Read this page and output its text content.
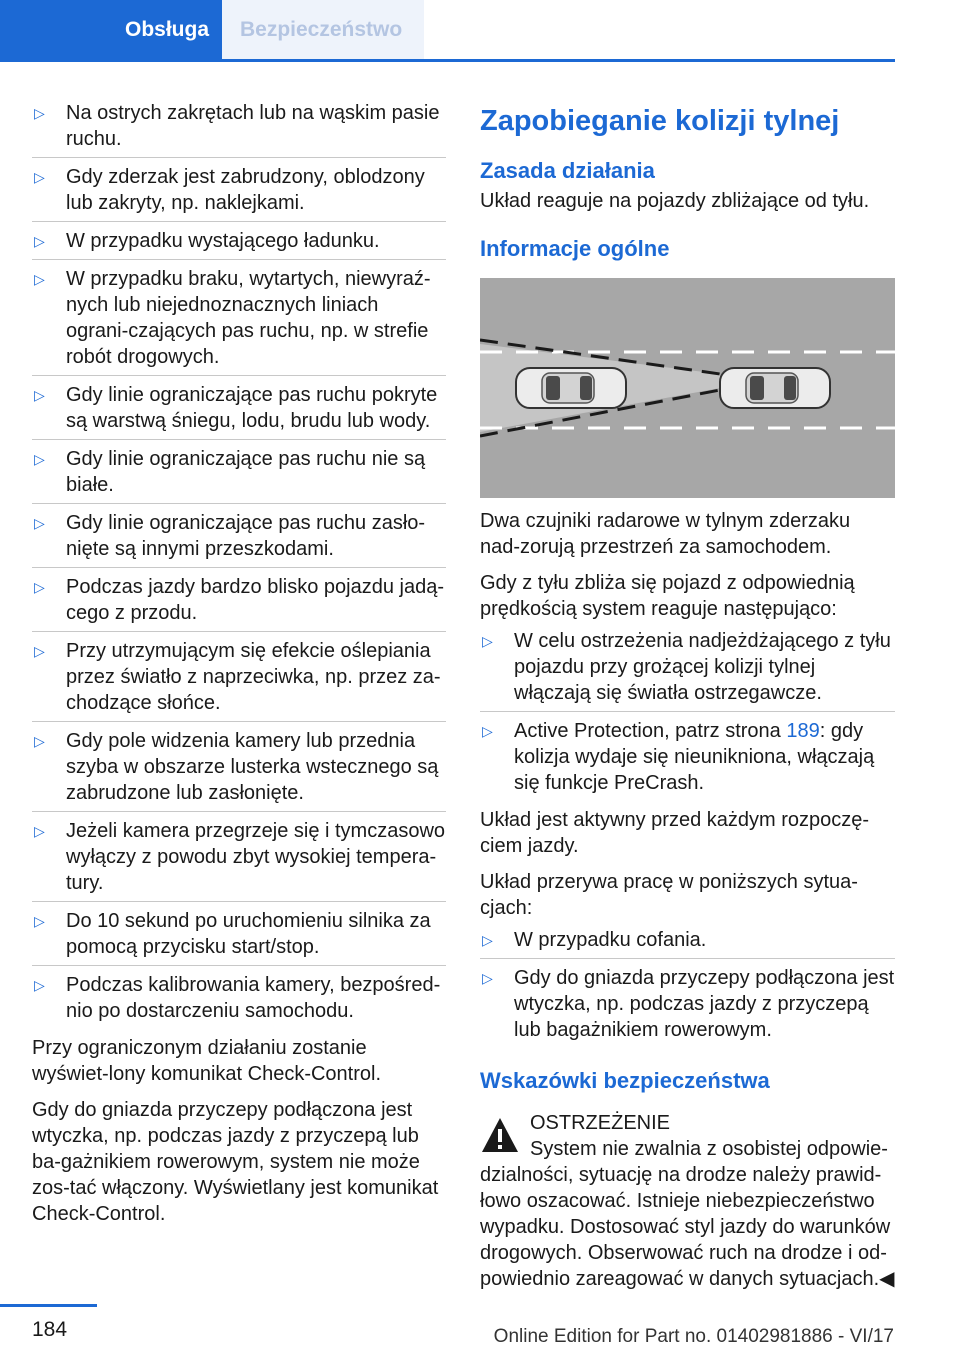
Obsługa	Bezpieczeństwo
▷ Na ostrych zakrętach lub na wąskim pasie ruchu.
▷ Gdy zderzak jest zabrudzony, oblodzony lub zakryty, np. naklejkami.
▷ W przypadku wystającego ładunku.
▷ W przypadku braku, wytartych, niewyraź‐nych lub niejednoznacznych liniach ograni‐czających pas ruchu, np. w strefie robót drogowych.
▷ Gdy linie ograniczające pas ruchu pokryte są warstwą śniegu, lodu, brudu lub wody.
▷ Gdy linie ograniczające pas ruchu nie są białe.
▷ Gdy linie ograniczające pas ruchu zasło‐nięte są innymi przeszkodami.
▷ Podczas jazdy bardzo blisko pojazdu jadą‐cego z przodu.
▷ Przy utrzymującym się efekcie oślepiania przez światło z naprzeciwka, np. przez za‐chodzące słońce.
▷ Gdy pole widzenia kamery lub przednia szyba w obszarze lusterka wstecznego są zabrudzone lub zasłonięte.
▷ Jeżeli kamera przegrzeje się i tymczasowo wyłączy z powodu zbyt wysokiej tempera‐tury.
▷ Do 10 sekund po uruchomieniu silnika za pomocą przycisku start/stop.
▷ Podczas kalibrowania kamery, bezpośred‐nio po dostarczeniu samochodu.

Przy ograniczonym działaniu zostanie wyświet‐lony komunikat Check-Control.

Gdy do gniazda przyczepy podłączona jest wtyczka, np. podczas jazdy z przyczepą lub ba‐gażnikiem rowerowym, system nie może zos‐tać włączony. Wyświetlany jest komunikat Check-Control.

Zapobieganie kolizji tylnej
Zasada działania

Układ reaguje na pojazdy zbliżające od tyłu.

Informacje ogólne

Dwa czujniki radarowe w tylnym zderzaku nad‐zorują przestrzeń za samochodem.

Gdy z tyłu zbliża się pojazd z odpowiednią prędkością system reaguje następująco:

▷ W celu ostrzeżenia nadjeżdżającego z tyłu pojazdu przy grożącej kolizji tylnej włączają się światła ostrzegawcze.
▷ Active Protection, patrz strona 189: gdy kolizja wydaje się nieunikniona, włączają się funkcje PreCrash.

Układ jest aktywny przed każdym rozpoczę‐ciem jazdy.

Układ przerywa pracę w poniższych sytua‐cjach:

▷ W przypadku cofania.
▷ Gdy do gniazda przyczepy podłączona jest wtyczka, np. podczas jazdy z przyczepą lub bagażnikiem rowerowym.
Wskazówki bezpieczeństwa
OSTRZEŻENIE
System nie zwalnia z osobistej odpowie‐dzialności, sytuację na drodze należy prawid‐łowo oszacować. Istnieje niebezpieczeństwo wypadku. Dostosować styl jazdy do warunków drogowych. Obserwować ruch na drodze i od‐powiednio zareagować w danych sytuacjach.◀
184	Online Edition for Part no. 01402981886 - VI/17
